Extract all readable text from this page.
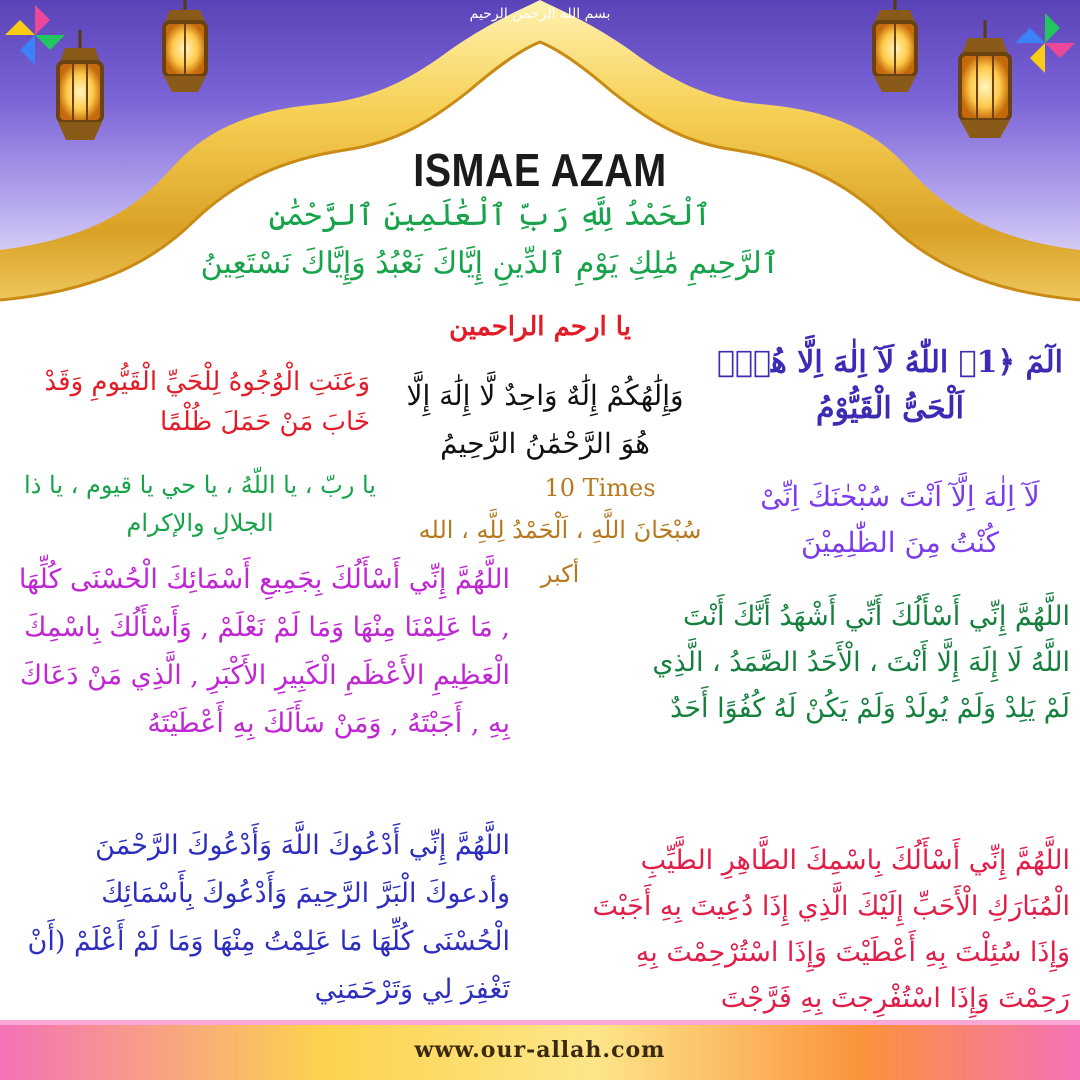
بسم الله الرحمن الرحيم
ISMAE AZAM
ٱلْحَمْدُ لِلَّهِ رَبِّ ٱلْعَٰلَمِينَ ٱلرَّحْمَٰنِ
ٱلرَّحِيمِ مَٰلِكِ يَوْمِ ٱلدِّينِ إِيَّاكَ نَعْبُدُ وَإِيَّاكَ نَسْتَعِينُ
يا ارحم الراحمين
وَعَنَتِ الْوُجُوهُ لِلْحَيِّ الْقَيُّومِ وَقَدْ خَابَ مَنْ حَمَلَ ظُلْمًا
وَإِلَٰهُكُمْ إِلَٰهٌ وَاحِدٌ لَّا إِلَٰهَ إِلَّا هُوَ الرَّحْمَٰنُ الرَّحِيمُ
الٓمٓ ﴿1﴾ اللّٰهُ لَآ اِلٰهَ اِلَّا هُوَۚ اَلْحَیُّ الْقَیُّوْمُ
10 Times
سُبْحَانَ اللَّهِ ، اَلْحَمْدُ لِلَّهِ ، الله أكبر
يا ربّ ، يا اللّهُ ، يا حي يا قيوم ، يا ذا الجلالِ والإكرام
لَآ اِلٰهَ اِلَّآ اَنْتَ سُبْحٰنَكَ اِنِّیْ كُنْتُ مِنَ الظّٰلِمِیْنَ
اللَّهُمَّ إِنِّي أَسْأَلُكَ بِجَمِيعِ أَسْمَائِكَ الْحُسْنَى كُلِّهَا , مَا عَلِمْنَا مِنْهَا وَمَا لَمْ نَعْلَمْ , وَأَسْأَلُكَ بِاسْمِكَ الْعَظِيمِ الأَعْظَمِ الْكَبِيرِ الأَكْبَرِ , الَّذِي مَنْ دَعَاكَ بِهِ , أَجَبْتَهُ , وَمَنْ سَأَلَكَ بِهِ أَعْطَيْتَهُ
اللَّهُمَّ إِنِّي أَسْأَلُكَ أَنِّي أَشْهَدُ أَنَّكَ أَنْتَ اللَّهُ لَا إِلَهَ إِلَّا أَنْتَ ، الْأَحَدُ الصَّمَدُ ، الَّذِي لَمْ يَلِدْ وَلَمْ يُولَدْ وَلَمْ يَكُنْ لَهُ كُفُوًا أَحَدٌ
اللَّهُمَّ إِنِّي أَدْعُوكَ اللَّهَ وَأَدْعُوكَ الرَّحْمَنَ وأدعوكَ الْبَرَّ الرَّحِيمَ وَأَدْعُوكَ بِأَسْمَائِكَ الْحُسْنَى كُلِّهَا مَا عَلِمْتُ مِنْهَا وَمَا لَمْ أَعْلَمْ (أَنْ تَغْفِرَ لِي وَتَرْحَمَنِي
اللَّهُمَّ إِنِّي أَسْأَلُكَ بِاسْمِكَ الطَّاهِرِ الطَّيِّبِ الْمُبَارَكِ الْأَحَبِّ إِلَيْكَ الَّذِي إِذَا دُعِيتَ بِهِ أَجَبْتَ وَإِذَا سُئِلْتَ بِهِ أَعْطَيْتَ وَإِذَا اسْتُرْحِمْتَ بِهِ رَحِمْتَ وَإِذَا اسْتُفْرِجتَ بِهِ فَرَّجْتَ
www.our-allah.com
